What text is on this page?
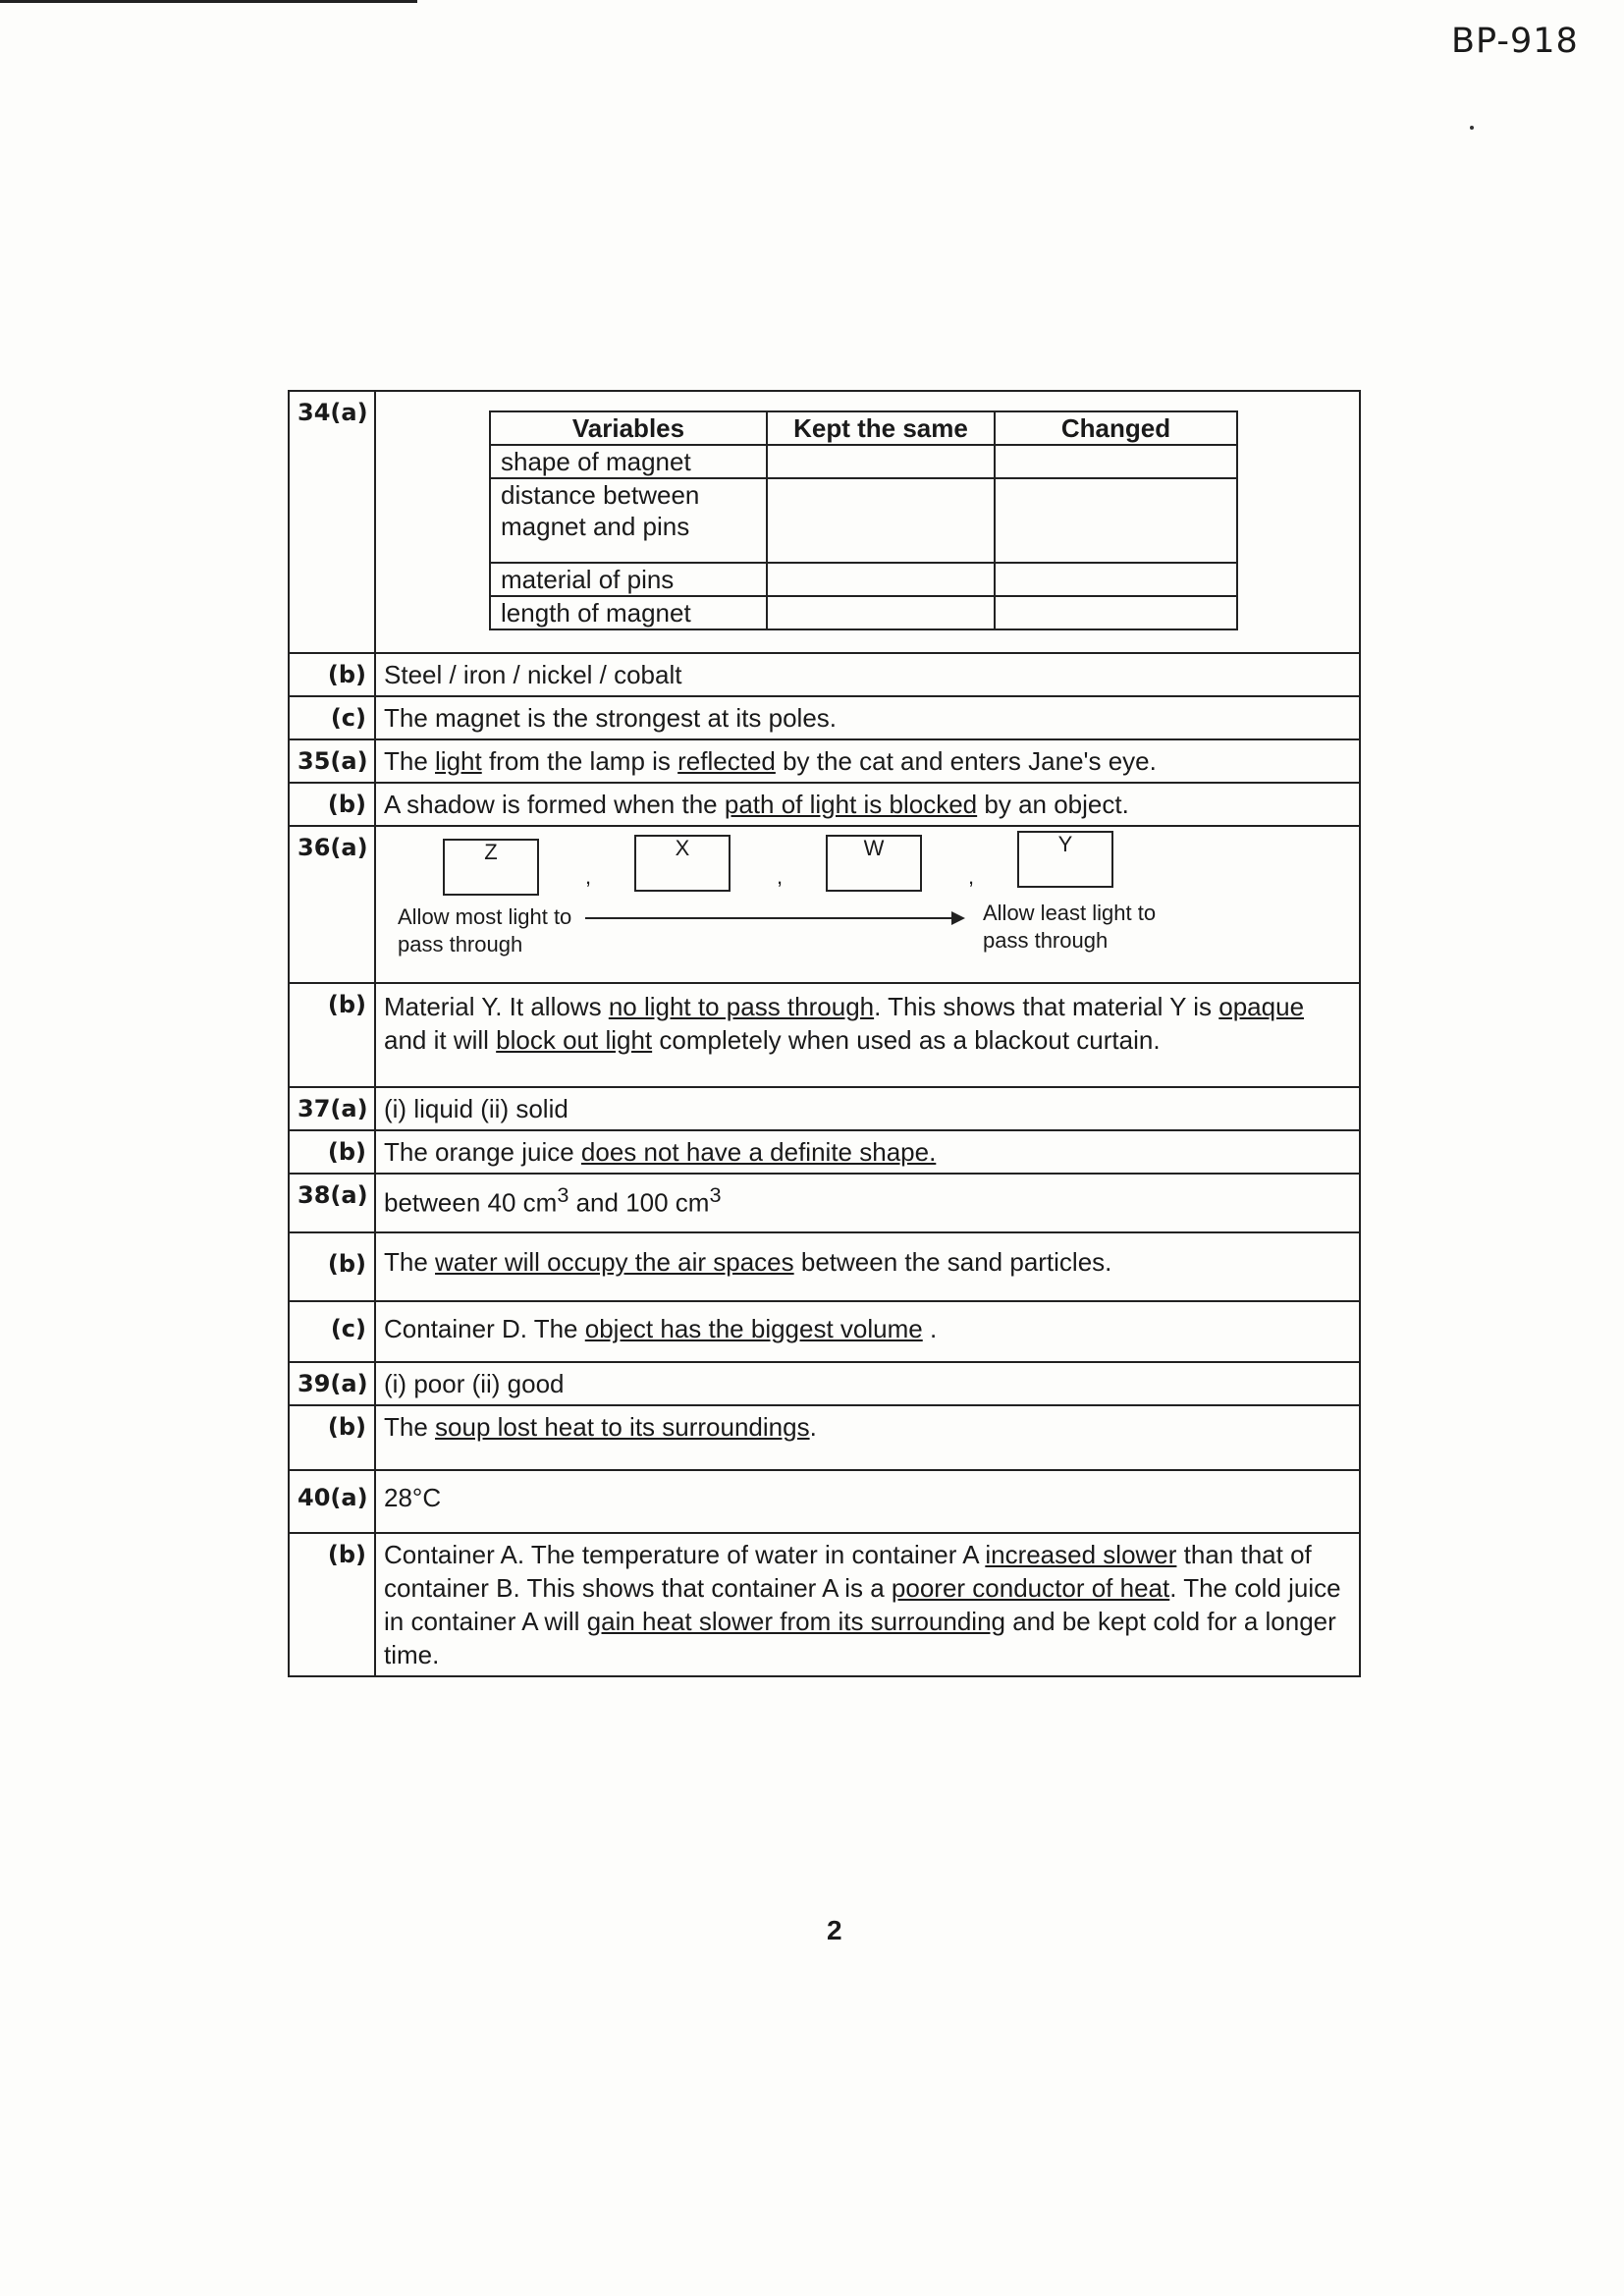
BP-918
34(a)	
Variables	Kept the same	Changed
shape of magnet		
distance between magnet and pins		
material of pins		
length of magnet		

(b)	Steel / iron / nickel / cobalt
(c)	The magnet is the strongest at its poles.
35(a)	The light from the lamp is reflected by the cat and enters Jane's eye.
(b)	A shadow is formed when the path of light is blocked by an object.
36(a)	Z
,
X
,
W
,
Y
Allow most light to pass through
Allow least light to pass through

(b)	Material Y. It allows no light to pass through. This shows that material Y is opaque and it will block out light completely when used as a blackout curtain.
37(a)	(i) liquid (ii) solid
(b)	The orange juice does not have a definite shape.
38(a)	between 40 $cm^3$ and 100 $cm^3$
(b)	The water will occupy the air spaces between the sand particles.
(c)	Container D. The object has the biggest volume .
39(a)	(i) poor (ii) good
(b)	The soup lost heat to its surroundings.
40(a)	28°C
(b)	Container A. The temperature of water in container A increased slower than that of container B. This shows that container A is a poorer conductor of heat. The cold juice in container A will gain heat slower from its surrounding and be kept cold for a longer time.
2
